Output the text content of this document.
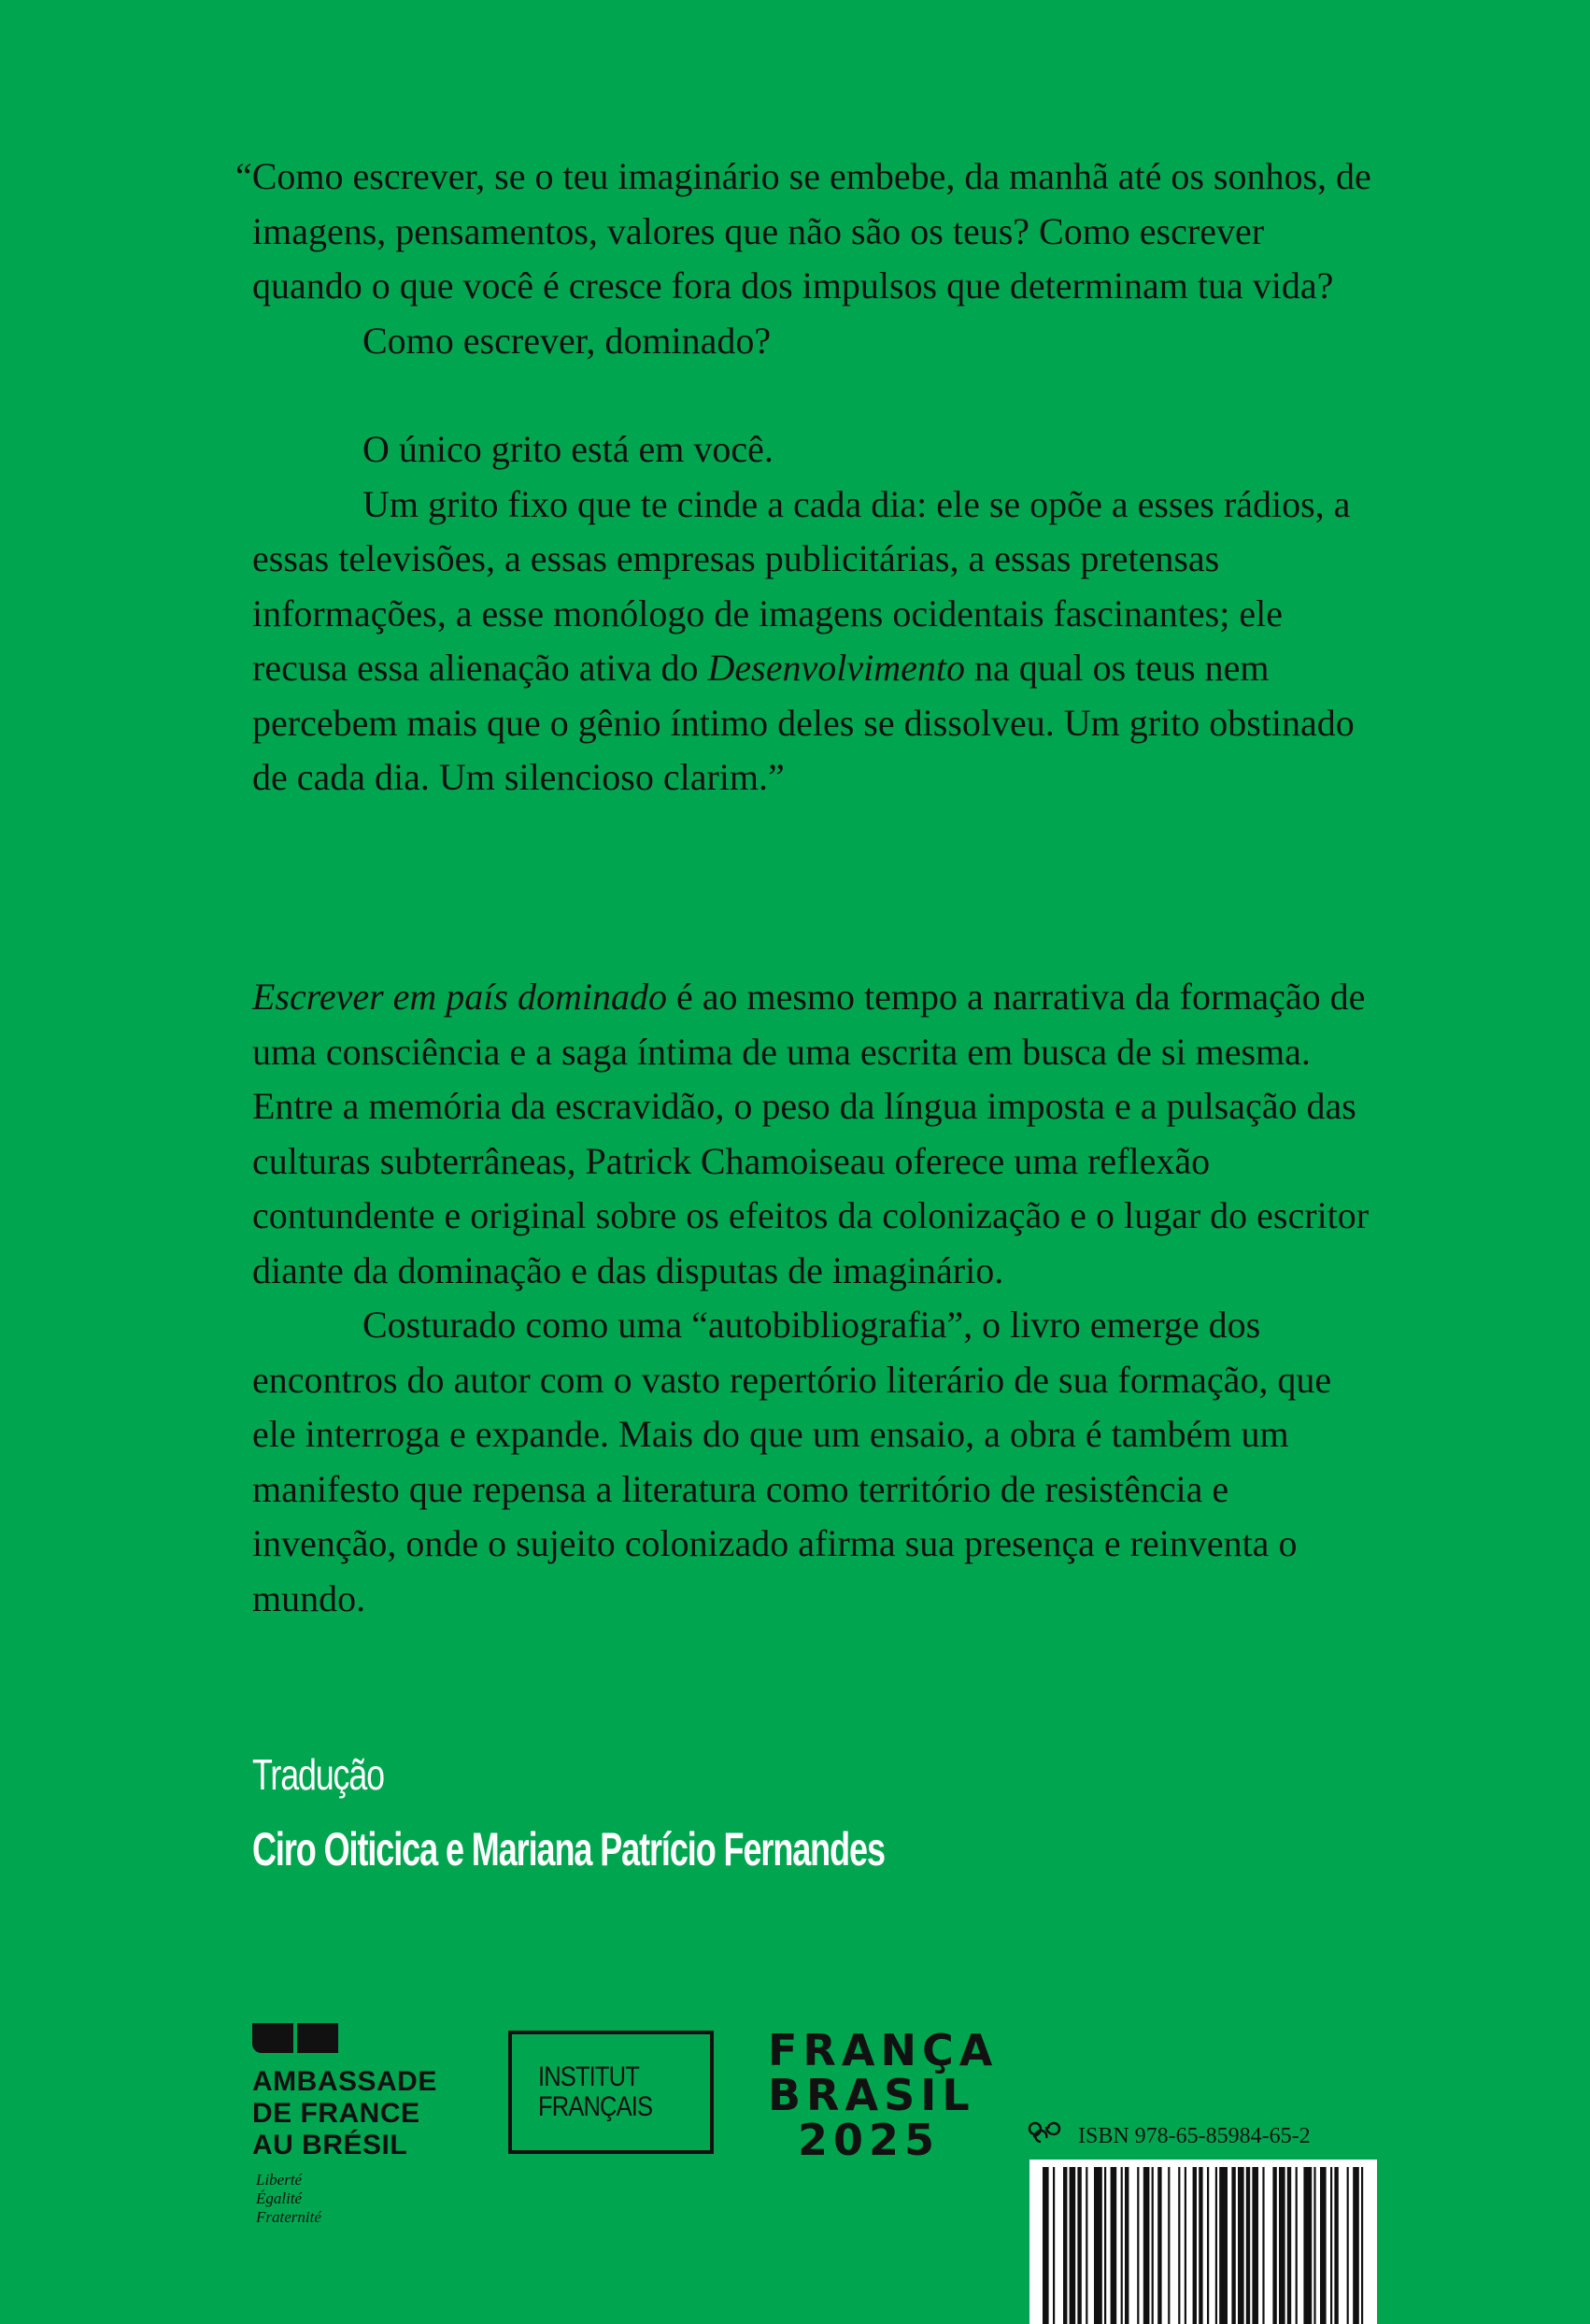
“Como escrever, se o teu imaginário se embebe, da manhã até os sonhos, de imagens, pensamentos, valores que não são os teus? Como escrever quando o que você é cresce fora dos impulsos que determinam tua vida?

Como escrever, dominado?

O único grito está em você.

Um grito fixo que te cinde a cada dia: ele se opõe a esses rádios, a essas televisões, a essas empresas publicitárias, a essas pretensas informações, a esse monólogo de imagens ocidentais fascinantes; ele recusa essa alienação ativa do Desenvolvimento na qual os teus nem percebem mais que o gênio íntimo deles se dissolveu. Um grito obstinado de cada dia. Um silencioso clarim.”

Escrever em país dominado é ao mesmo tempo a narrativa da formação de uma consciência e a saga íntima de uma escrita em busca de si mesma. Entre a memória da escravidão, o peso da língua imposta e a pulsação das culturas subterrâneas, Patrick Chamoiseau oferece uma reflexão contundente e original sobre os efeitos da colonização e o lugar do escritor diante da dominação e das disputas de imaginário.

Costurado como uma “autobibliografia”, o livro emerge dos encontros do autor com o vasto repertório literário de sua formação, que ele interroga e expande. Mais do que um ensaio, a obra é também um manifesto que repensa a literatura como território de resistência e invenção, onde o sujeito colonizado afirma sua presença e reinventa o mundo.

Tradução
Ciro Oiticica e Mariana Patrício Fernandes
AMBASSADE
DE FRANCE
AU BRÉSIL
Liberté
Égalité
Fraternité
INSTITUT
FRANÇAIS
FRANÇA
BRASIL
2025	ISBN 978-65-85984-65-2
